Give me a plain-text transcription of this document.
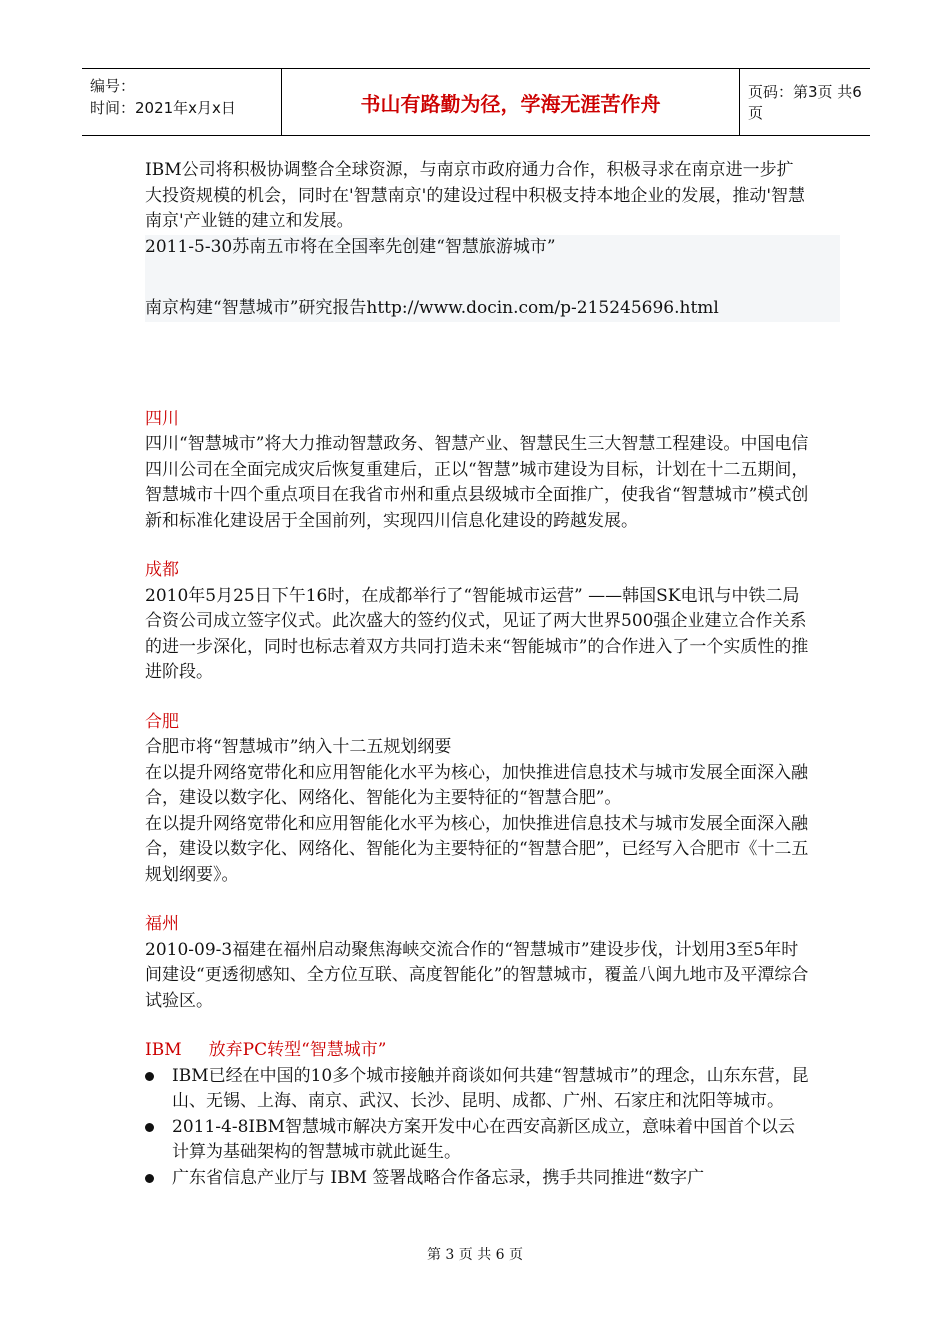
编号：
时间：2021年x月x日	书山有路勤为径，学海无涯苦作舟	页码：第3页 共6页

IBM公司将积极协调整合全球资源，与南京市政府通力合作，积极寻求在南京进一步扩大投资规模的机会，同时在'智慧南京'的建设过程中积极支持本地企业的发展，推动'智慧南京'产业链的建立和发展。

2011-5-30苏南五市将在全国率先创建“智慧旅游城市”

南京构建“智慧城市”研究报告http://www.docin.com/p-215245696.html

四川

四川“智慧城市”将大力推动智慧政务、智慧产业、智慧民生三大智慧工程建设。中国电信四川公司在全面完成灾后恢复重建后，正以“智慧”城市建设为目标，计划在十二五期间，智慧城市十四个重点项目在我省市州和重点县级城市全面推广，使我省“智慧城市”模式创新和标准化建设居于全国前列，实现四川信息化建设的跨越发展。

成都

2010年5月25日下午16时，在成都举行了“智能城市运营” ——韩国SK电讯与中铁二局合资公司成立签字仪式。此次盛大的签约仪式，见证了两大世界500强企业建立合作关系的进一步深化，同时也标志着双方共同打造未来“智能城市”的合作进入了一个实质性的推进阶段。

合肥

合肥市将“智慧城市”纳入十二五规划纲要

在以提升网络宽带化和应用智能化水平为核心，加快推进信息技术与城市发展全面深入融合，建设以数字化、网络化、智能化为主要特征的“智慧合肥”。

在以提升网络宽带化和应用智能化水平为核心，加快推进信息技术与城市发展全面深入融合，建设以数字化、网络化、智能化为主要特征的“智慧合肥”，已经写入合肥市《十二五规划纲要》。

福州

2010-09-3福建在福州启动聚焦海峡交流合作的“智慧城市”建设步伐，计划用3至5年时间建设“更透彻感知、全方位互联、高度智能化”的智慧城市，覆盖八闽九地市及平潭综合试验区。

IBM     放弃PC转型“智慧城市”

IBM已经在中国的10多个城市接触并商谈如何共建“智慧城市”的理念，山东东营，昆山、无锡、上海、南京、武汉、长沙、昆明、成都、广州、石家庄和沈阳等城市。
2011-4-8IBM智慧城市解决方案开发中心在西安高新区成立，意味着中国首个以云计算为基础架构的智慧城市就此诞生。
广东省信息产业厅与 IBM 签署战略合作备忘录，携手共同推进“数字广
第 3 页 共 6 页
